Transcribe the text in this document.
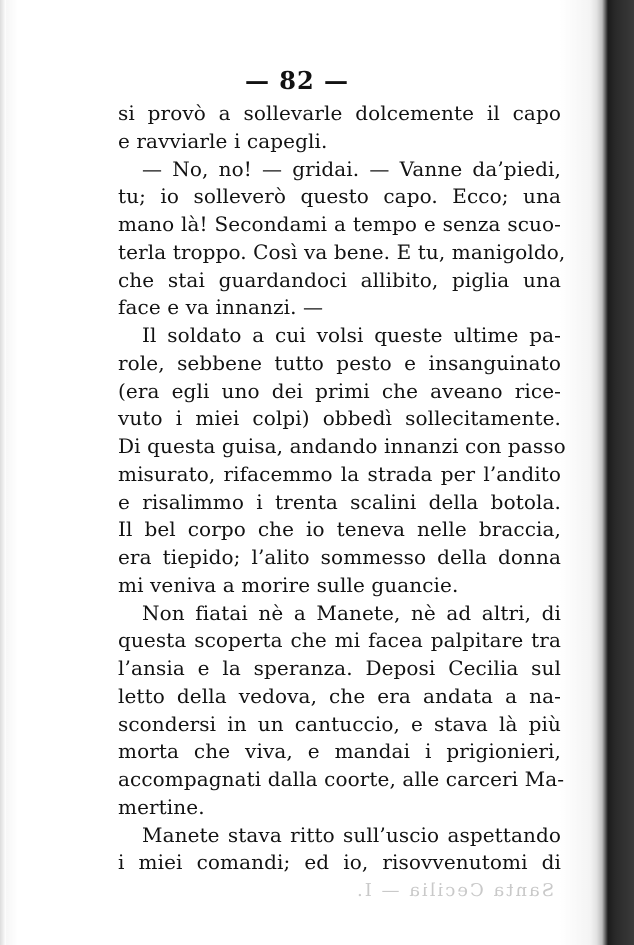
Santa Cecilia — I.
— 82 —
si provò a sollevarle dolcemente il capo
e ravviarle i capegli.
— No, no! — gridai. — Vanne da’piedi,
tu; io solleverò questo capo. Ecco; una
mano là! Secondami a tempo e senza scuo-
terla troppo. Così va bene. E tu, manigoldo,
che stai guardandoci allibito, piglia una
face e va innanzi. —
Il soldato a cui volsi queste ultime pa-
role, sebbene tutto pesto e insanguinato
(era egli uno dei primi che aveano rice-
vuto i miei colpi) obbedì sollecitamente.
Di questa guisa, andando innanzi con passo
misurato, rifacemmo la strada per l’andito
e risalimmo i trenta scalini della botola.
Il bel corpo che io teneva nelle braccia,
era tiepido; l’alito sommesso della donna
mi veniva a morire sulle guancie.
Non fiatai nè a Manete, nè ad altri, di
questa scoperta che mi facea palpitare tra
l’ansia e la speranza. Deposi Cecilia sul
letto della vedova, che era andata a na-
scondersi in un cantuccio, e stava là più
morta che viva, e mandai i prigionieri,
accompagnati dalla coorte, alle carceri Ma-
mertine.
Manete stava ritto sull’uscio aspettando
i miei comandi; ed io, risovvenutomi di
